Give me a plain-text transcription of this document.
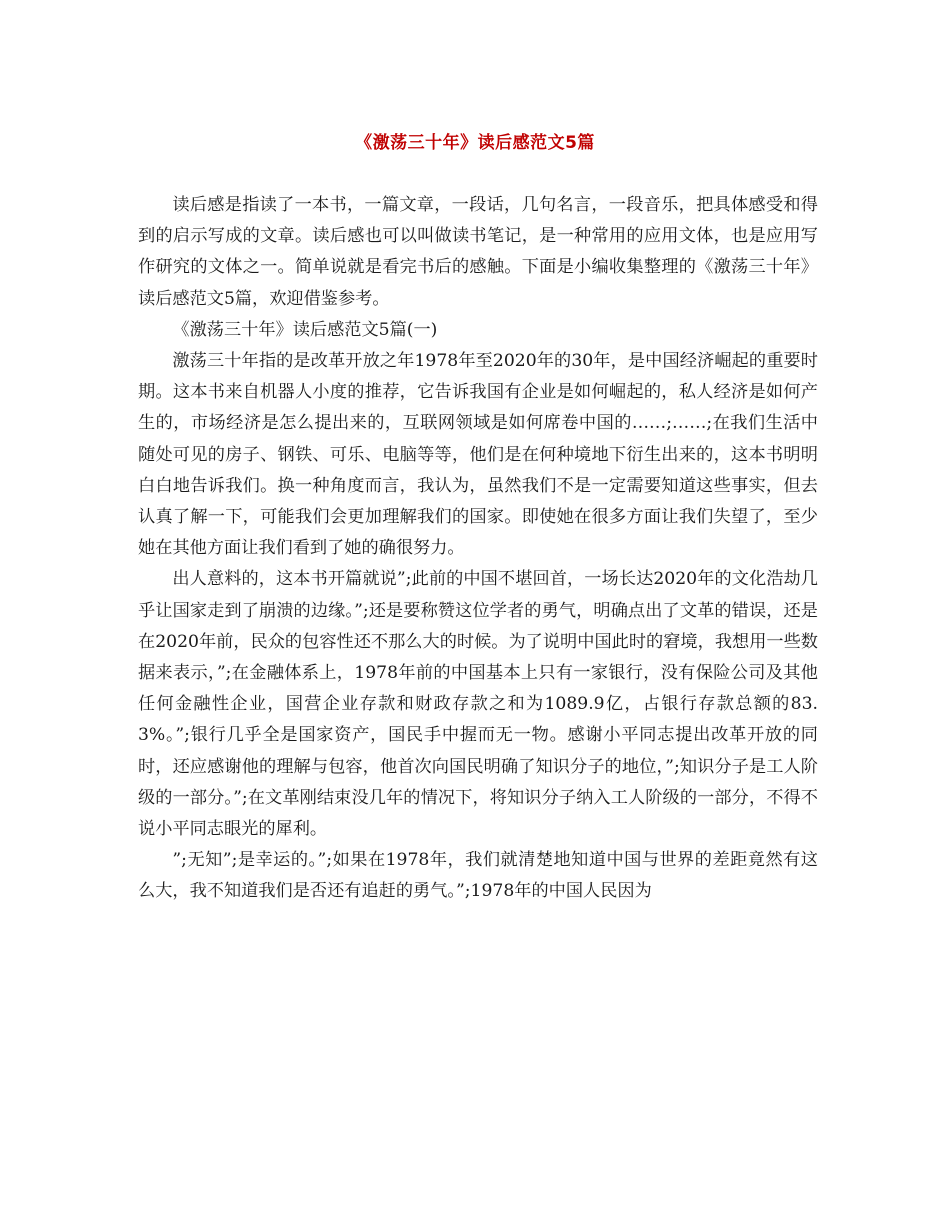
《激荡三十年》读后感范文5篇

读后感是指读了一本书，一篇文章，一段话，几句名言，一段音乐，把具体感受和得到的启示写成的文章。读后感也可以叫做读书笔记，是一种常用的应用文体，也是应用写作研究的文体之一。简单说就是看完书后的感触。下面是小编收集整理的《激荡三十年》读后感范文5篇，欢迎借鉴参考。

《激荡三十年》读后感范文5篇(一)

激荡三十年指的是改革开放之年1978年至2020年的30年，是中国经济崛起的重要时期。这本书来自机器人小度的推荐，它告诉我国有企业是如何崛起的，私人经济是如何产生的，市场经济是怎么提出来的，互联网领域是如何席卷中国的……;……;在我们生活中随处可见的房子、钢铁、可乐、电脑等等，他们是在何种境地下衍生出来的，这本书明明白白地告诉我们。换一种角度而言，我认为，虽然我们不是一定需要知道这些事实，但去认真了解一下，可能我们会更加理解我们的国家。即使她在很多方面让我们失望了，至少她在其他方面让我们看到了她的确很努力。

出人意料的，这本书开篇就说”;此前的中国不堪回首，一场长达2020年的文化浩劫几乎让国家走到了崩溃的边缘。”;还是要称赞这位学者的勇气，明确点出了文革的错误，还是在2020年前，民众的包容性还不那么大的时候。为了说明中国此时的窘境，我想用一些数据来表示，”;在金融体系上，1978年前的中国基本上只有一家银行，没有保险公司及其他任何金融性企业，国营企业存款和财政存款之和为1089.9亿，占银行存款总额的83.3%。”;银行几乎全是国家资产，国民手中握而无一物。感谢小平同志提出改革开放的同时，还应感谢他的理解与包容，他首次向国民明确了知识分子的地位，”;知识分子是工人阶级的一部分。”;在文革刚结束没几年的情况下，将知识分子纳入工人阶级的一部分，不得不说小平同志眼光的犀利。

”;无知”;是幸运的。”;如果在1978年，我们就清楚地知道中国与世界的差距竟然有这么大，我不知道我们是否还有追赶的勇气。”;1978年的中国人民因为
